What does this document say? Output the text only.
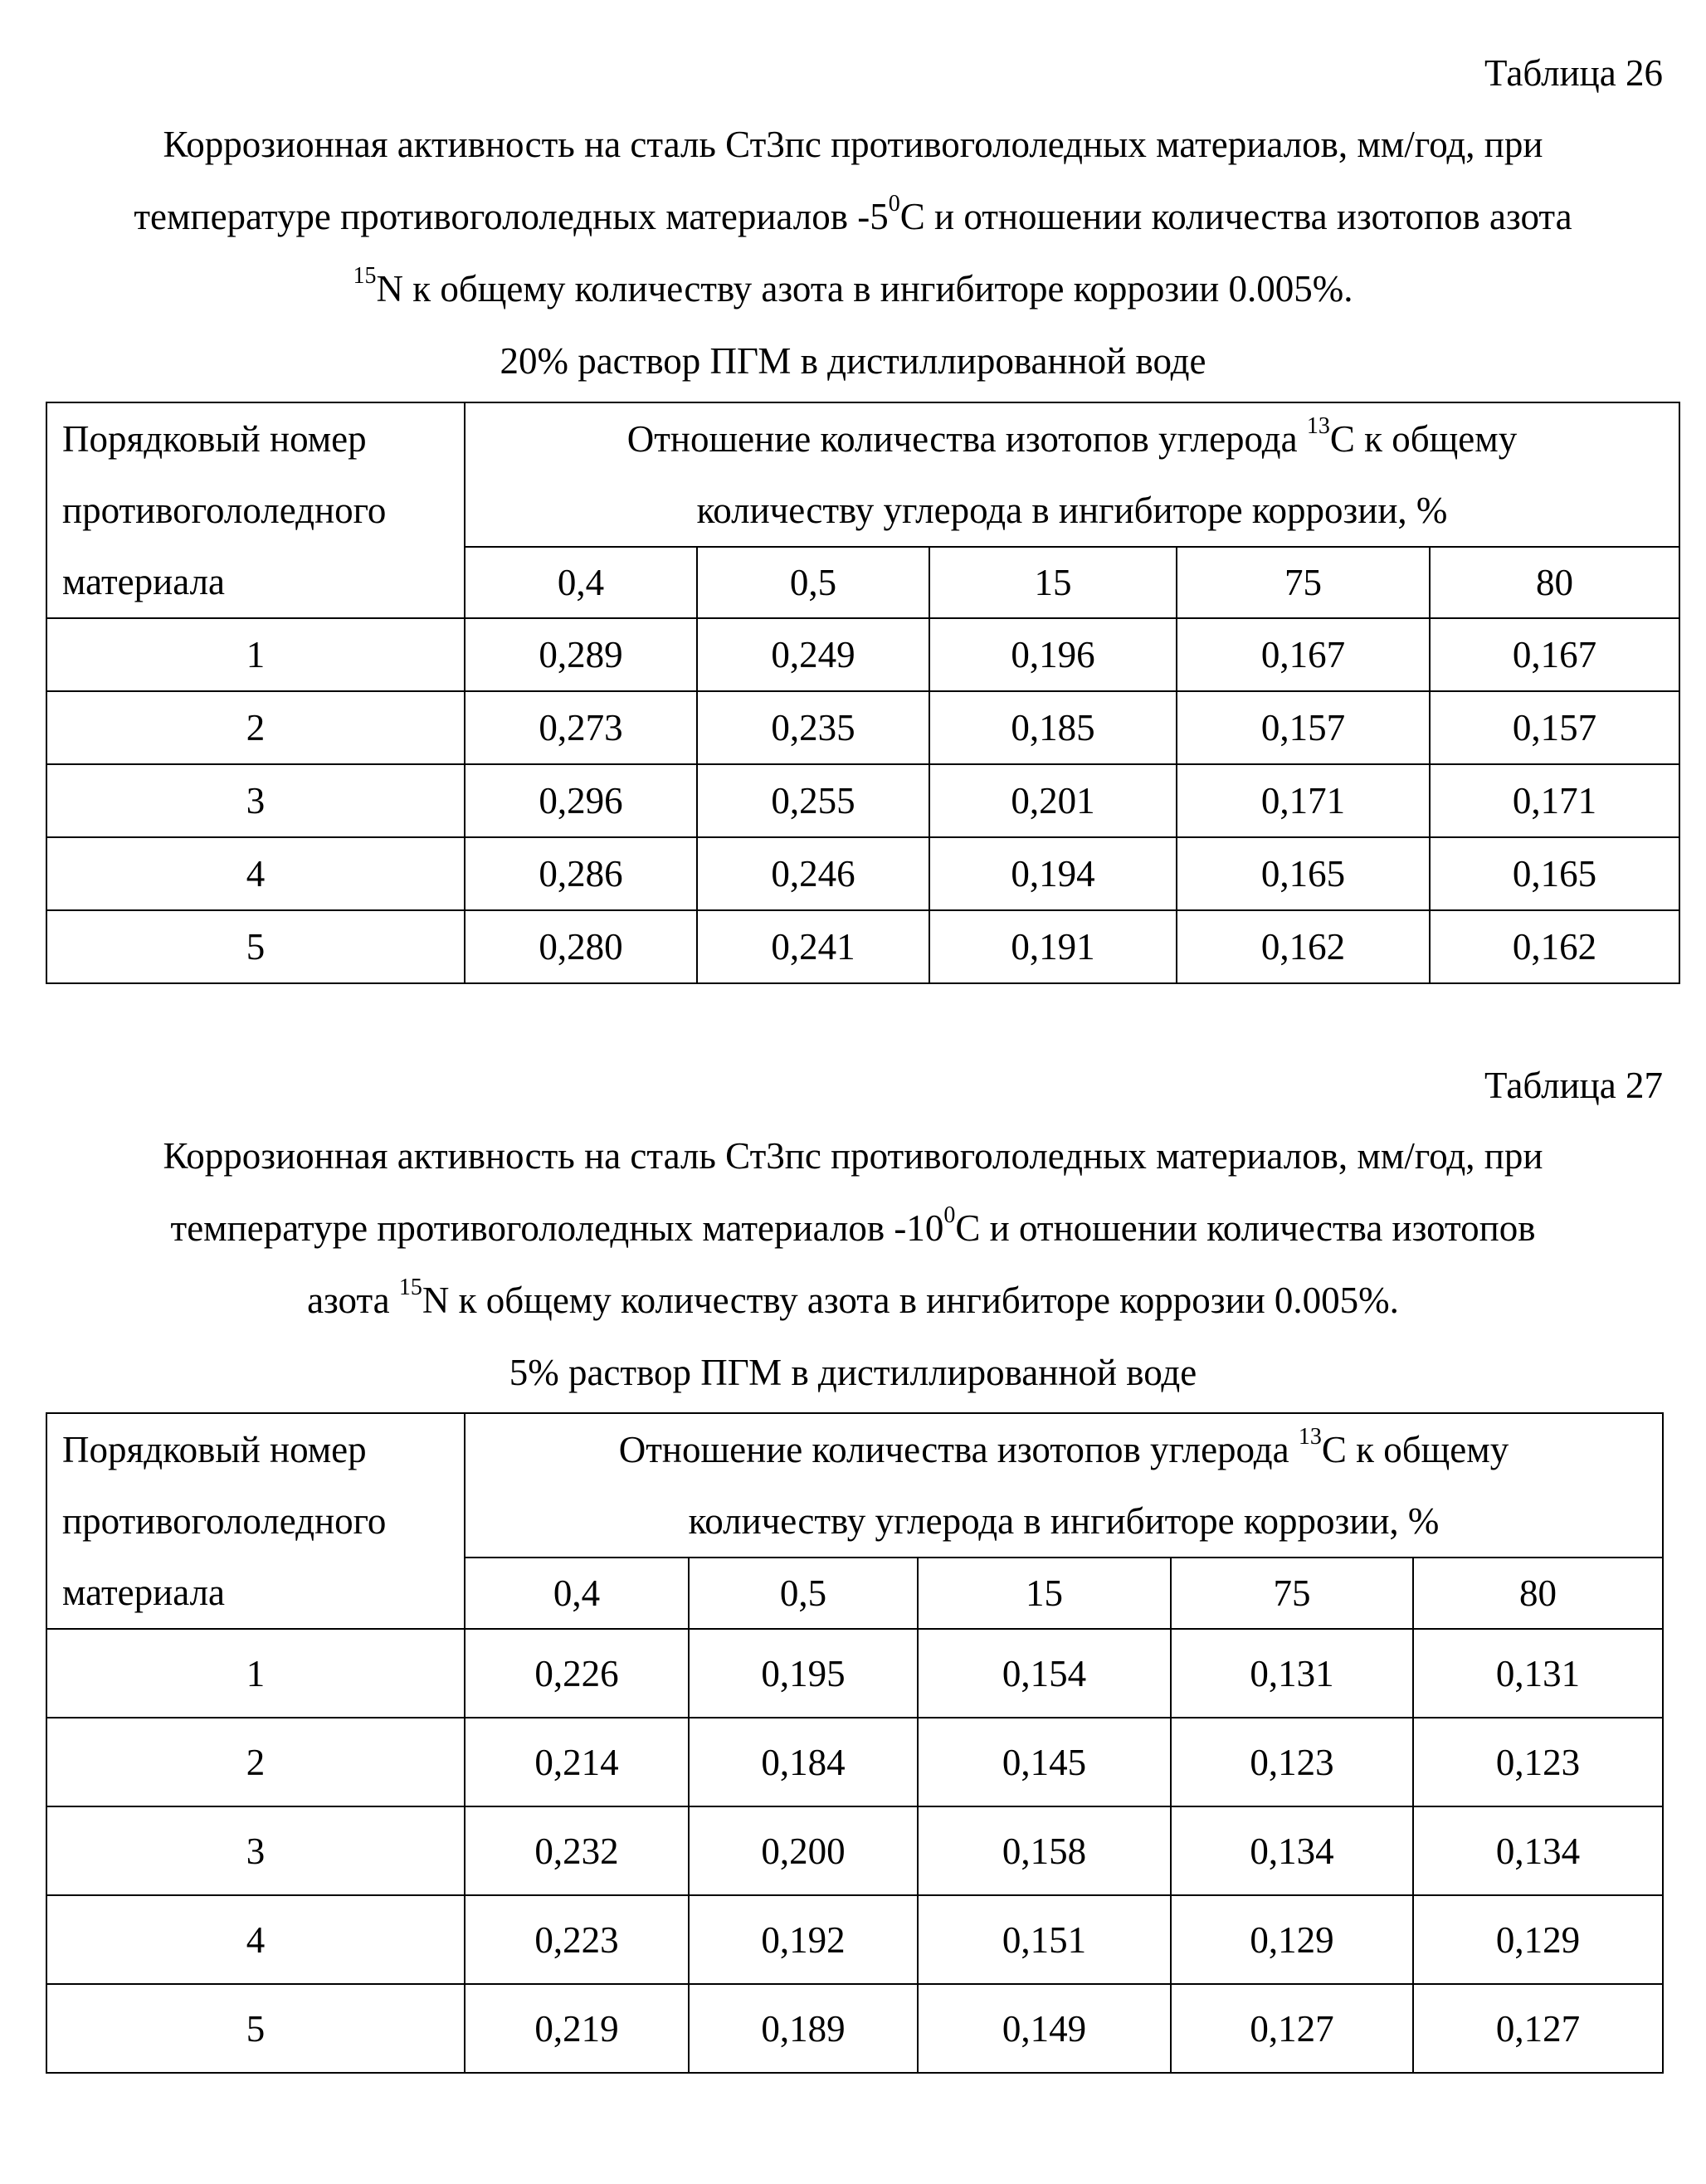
Таблица 26
Коррозионная активность на сталь Ст3пс противогололедных материалов, мм/год, при
температуре противогололедных материалов $-5^0С$ и отношении количества изотопов азота
$^{15}$N к общему количеству азота в ингибиторе коррозии 0.005%.
20% раствор ПГМ в дистиллированной воде
Порядковый номер
противогололедного
материала	Отношение количества изотопов углерода $^{13}$С к общему
количеству углерода в ингибиторе коррозии, %				

	0,4	0,5	15	75	80
1	0,289	0,249	0,196	0,167	0,167
2	0,273	0,235	0,185	0,157	0,157
3	0,296	0,255	0,201	0,171	0,171
4	0,286	0,246	0,194	0,165	0,165
5	0,280	0,241	0,191	0,162	0,162
Таблица 27
Коррозионная активность на сталь Ст3пс противогололедных материалов, мм/год, при
температуре противогололедных материалов $-10^0С$ и отношении количества изотопов
азота $^{15}$N к общему количеству азота в ингибиторе коррозии 0.005%.
5% раствор ПГМ в дистиллированной воде
Порядковый номер
противогололедного
материала	Отношение количества изотопов углерода $^{13}$С к общему
количеству углерода в ингибиторе коррозии, %				

	0,4	0,5	15	75	80
1	0,226	0,195	0,154	0,131	0,131
2	0,214	0,184	0,145	0,123	0,123
3	0,232	0,200	0,158	0,134	0,134
4	0,223	0,192	0,151	0,129	0,129
5	0,219	0,189	0,149	0,127	0,127
